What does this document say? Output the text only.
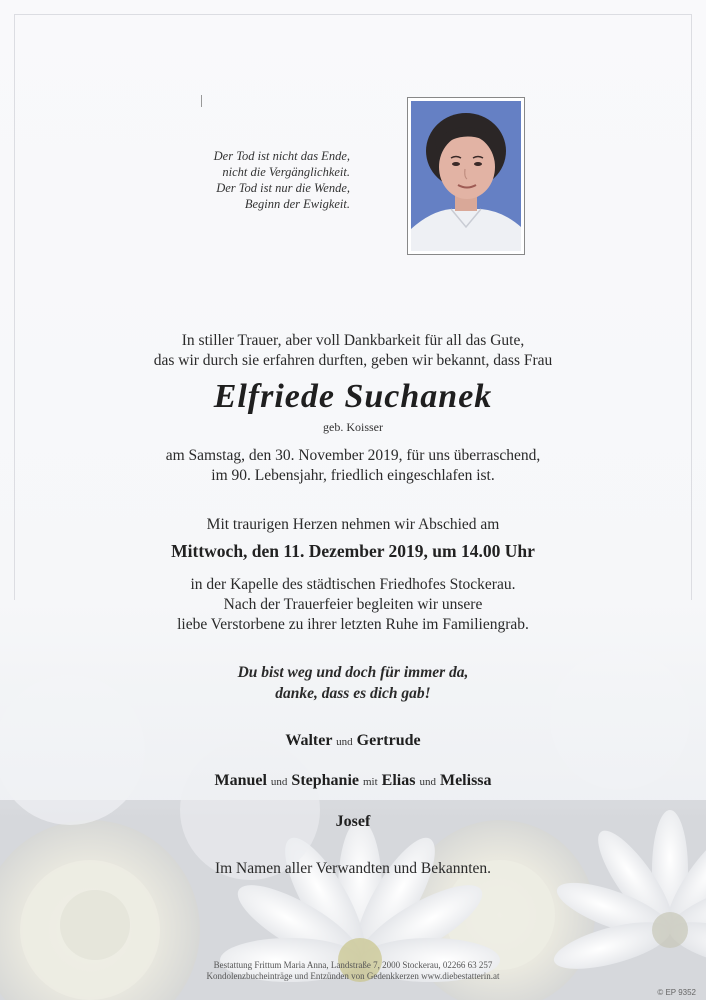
Der Tod ist nicht das Ende,
nicht die Vergänglichkeit.
Der Tod ist nur die Wende,
Beginn der Ewigkeit.
In stiller Trauer, aber voll Dankbarkeit für all das Gute,
das wir durch sie erfahren durften, geben wir bekannt, dass Frau
Elfriede Suchanek
geb. Koisser
am Samstag, den 30. November 2019, für uns überraschend,
im 90. Lebensjahr, friedlich eingeschlafen ist.
Mit traurigen Herzen nehmen wir Abschied am
Mittwoch, den 11. Dezember 2019, um 14.00 Uhr
in der Kapelle des städtischen Friedhofes Stockerau.
Nach der Trauerfeier begleiten wir unsere
liebe Verstorbene zu ihrer letzten Ruhe im Familiengrab.
Du bist weg und doch für immer da,
danke, dass es dich gab!
Walter und Gertrude
Manuel und Stephanie mit Elias und Melissa
Josef
Im Namen aller Verwandten und Bekannten.
Bestattung Frittum Maria Anna, Landstraße 7, 2000 Stockerau, 02266 63 257
Kondolenzbucheinträge und Entzünden von Gedenkkerzen www.diebestatterin.at
© EP 9352
